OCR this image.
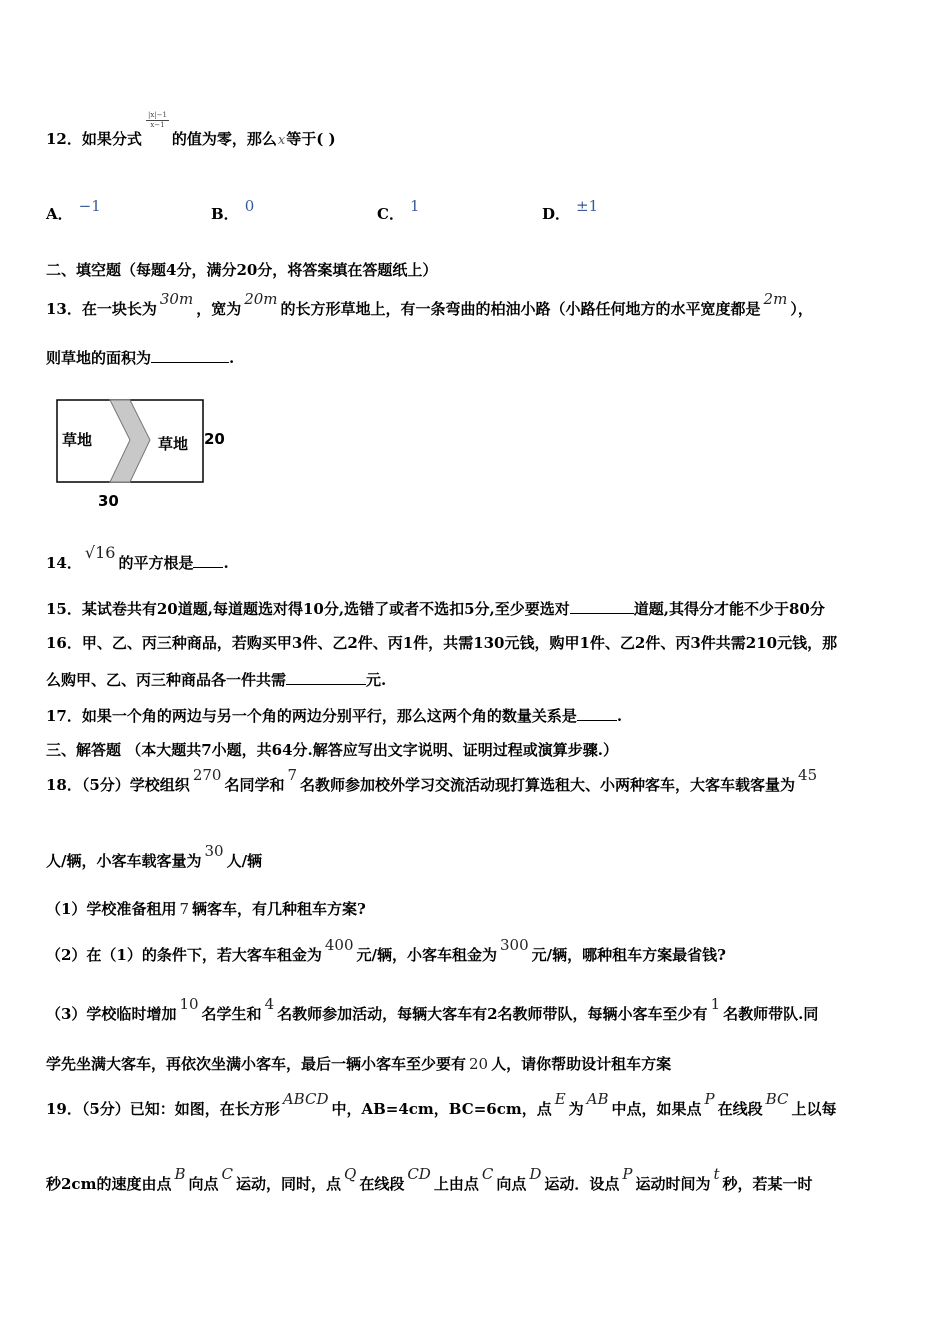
12．如果分式 的值为零，那么x等于( )
$\frac{|x|-1}{x-1}$
A． −1	B． 0	C． 1	D． ±1
二、填空题（每题4分，满分20分，将答案填在答题纸上）
13．在一块长为30m，宽为20m的长方形草地上，有一条弯曲的柏油小路（小路任何地方的水平宽度都是2m），
则草地的面积为	.
草地	草地 20
30
14．√16的平方根是 .
15．某试卷共有20道题,每道题选对得10分,选错了或者不选扣5分,至少要选对	道题,其得分才能不少于80分
16．甲、乙、丙三种商品，若购买甲3件、乙2件、丙1件，共需130元钱，购甲1件、乙2件、丙3件共需210元钱，那
么购甲、乙、丙三种商品各一件共需	元.
17．如果一个角的两边与另一个角的两边分别平行，那么这两个角的数量关系是	.
三、解答题 （本大题共7小题，共64分.解答应写出文字说明、证明过程或演算步骤.）
18．（5分）学校组织270名同学和7名教师参加校外学习交流活动现打算选租大、小两种客车，大客车载客量为45
人/辆，小客车载客量为30人/辆
（1）学校准备租用 7 辆客车，有几种租车方案?
（2）在（1）的条件下，若大客车租金为400元/辆，小客车租金为300元/辆，哪种租车方案最省钱?
（3）学校临时增加10名学生和4名教师参加活动，每辆大客车有2名教师带队，每辆小客车至少有1名教师带队.同
学先坐满大客车，再依次坐满小客车，最后一辆小客车至少要有 20 人，请你帮助设计租车方案
19．（5分）已知：如图，在长方形ABCD中，AB=4cm，BC=6cm，点E为AB中点，如果点P在线段BC上以每
秒2cm的速度由点B向点C运动，同时，点Q在线段CD上由点C向点D运动．设点P运动时间为t秒，若某一时
